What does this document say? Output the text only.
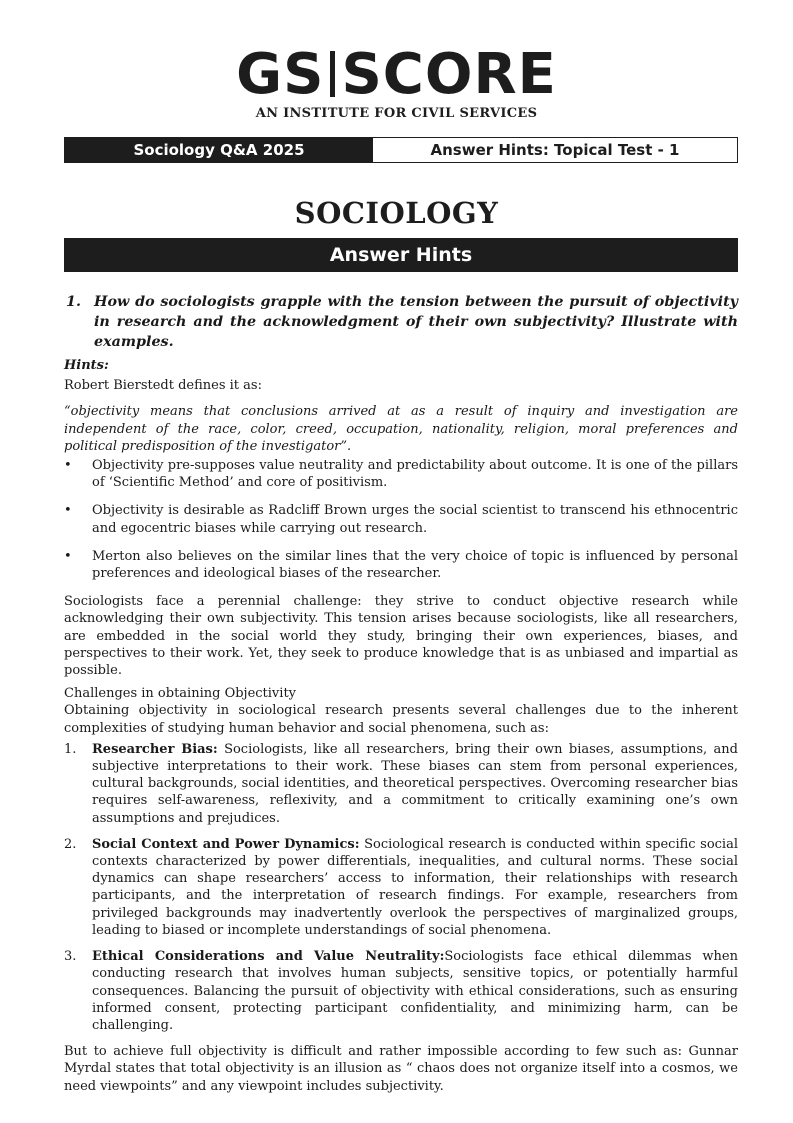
GS SCORE
AN INSTITUTE FOR CIVIL SERVICES
Sociology Q&A 2025	Answer Hints: Topical Test - 1
SOCIOLOGY
Answer Hints
1. How do sociologists grapple with the tension between the pursuit of objectivity in research and the acknowledgment of their own subjectivity? Illustrate with examples.
Hints:
Robert Bierstedt defines it as:
“objectivity means that conclusions arrived at as a result of inquiry and investigation are independent of the race, color, creed, occupation, nationality, religion, moral preferences and political predisposition of the investigator”.
•	Objectivity pre-supposes value neutrality and predictability about outcome. It is one of the pillars of ‘Scientific Method’ and core of positivism.
•	Objectivity is desirable as Radcliff Brown urges the social scientist to transcend his ethnocentric and egocentric biases while carrying out research.
•	Merton also believes on the similar lines that the very choice of topic is influenced by personal preferences and ideological biases of the researcher.
Sociologists face a perennial challenge: they strive to conduct objective research while acknowledging their own subjectivity. This tension arises because sociologists, like all researchers, are embedded in the social world they study, bringing their own experiences, biases, and perspectives to their work. Yet, they seek to produce knowledge that is as unbiased and impartial as possible.
Challenges in obtaining Objectivity
Obtaining objectivity in sociological research presents several challenges due to the inherent complexities of studying human behavior and social phenomena, such as:
1.	Researcher Bias: Sociologists, like all researchers, bring their own biases, assumptions, and subjective interpretations to their work. These biases can stem from personal experiences, cultural backgrounds, social identities, and theoretical perspectives. Overcoming researcher bias requires self-awareness, reflexivity, and a commitment to critically examining one’s own assumptions and prejudices.
2.	Social Context and Power Dynamics: Sociological research is conducted within specific social contexts characterized by power differentials, inequalities, and cultural norms. These social dynamics can shape researchers’ access to information, their relationships with research participants, and the interpretation of research findings. For example, researchers from privileged backgrounds may inadvertently overlook the perspectives of marginalized groups, leading to biased or incomplete understandings of social phenomena.
3.	Ethical Considerations and Value Neutrality:Sociologists face ethical dilemmas when conducting research that involves human subjects, sensitive topics, or potentially harmful consequences. Balancing the pursuit of objectivity with ethical considerations, such as ensuring informed consent, protecting participant confidentiality, and minimizing harm, can be challenging.
But to achieve full objectivity is difficult and rather impossible according to few such as: Gunnar Myrdal states that total objectivity is an illusion as “ chaos does not organize itself into a cosmos, we need viewpoints” and any viewpoint includes subjectivity.
